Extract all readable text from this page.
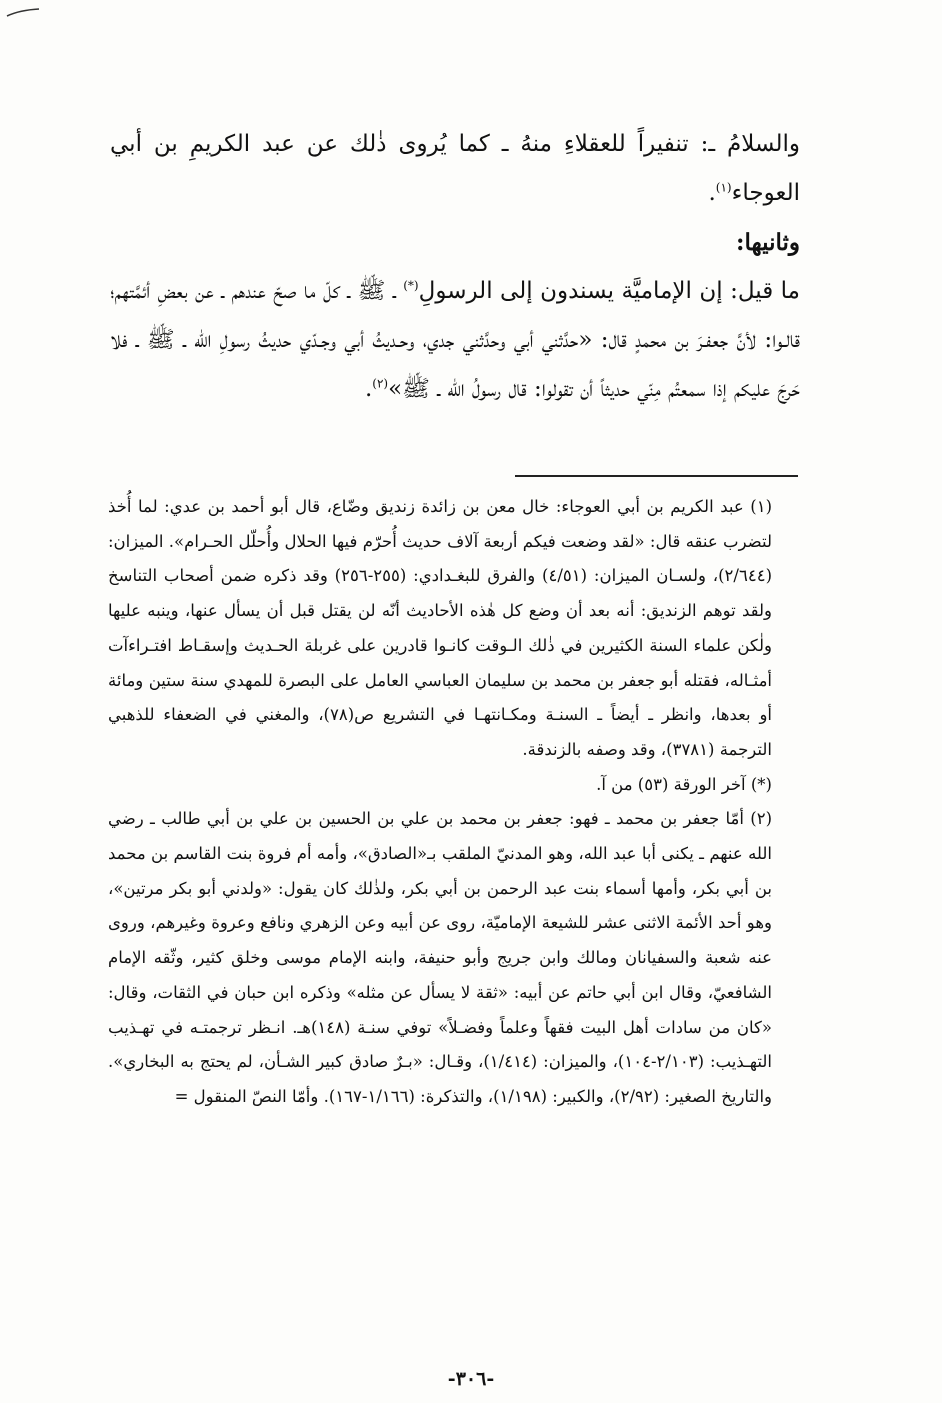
والسلامُ ـ: تنفيراً للعقلاءِ منهُ ـ كما يُروى ذٰلك عن عبد الكريمِ بن أبي العوجاء$^{(١)}$.

وثانيها:

ما قيل: إن الإماميَّة يسندون إلى الرسولِ(*) ـ ﷺ ـ كلّ ما صحّ عندهم ـ عن بعضِ أئمَّتهم؛ قالـوا: لأنَّ جعفـرَ بن محمدٍ قال: «حدَّثني أبي وحدَّثني جدي، وحـديثُ أبي وجـدّي حديثُ رسولِ الله ـ ﷺ ـ فلا حَرجَ عليكم إذا سمعتُم مِنّي حديثاً أن تقولوا: قال رسولُ الله ـ ﷺ»$^{(٢)}$.

(١) عبد الكريم بن أبي العوجاء: خال معن بن زائدة زنديق وضّاع، قال أبو أحمد بن عدي: لما أُخذ لتضرب عنقه قال: «لقد وضعت فيكم أربعة آلاف حديث أُحرّم فيها الحلال وأُحلّل الحـرام». الميزان: (٢/٦٤٤)، ولسـان الميزان: (٤/٥١) والفرق للبغـدادي: (٢٥٥-٢٥٦) وقد ذكره ضمن أصحاب التناسخ ولقد توهم الزنديق: أنه بعد أن وضع كل هٰذه الأحاديث أنّه لن يقتل قبل أن يسأل عنها، وينبه عليها ولٰكن علماء السنة الكثيرين في ذٰلك الـوقت كانـوا قادرين على غربلة الحـديث وإسقـاط افتـراءآت أمثـاله، فقتله أبو جعفر بن محمد بن سليمان العباسي العامل على البصرة للمهدي سنة ستين ومائة أو بعدها، وانظر ـ أيضاً ـ السنـة ومكـانتهـا في التشريع ص(٧٨)، والمغني في الضعفاء للذهبي الترجمة (٣٧٨١)، وقد وصفه بالزندقة.

(*) آخر الورقة (٥٣) من آ.

(٢) أمّا جعفر بن محمد ـ فهو: جعفر بن محمد بن علي بن الحسين بن علي بن أبي طالب ـ رضي الله عنهم ـ يكنى أبا عبد الله، وهو المدنيّ الملقب بـ«الصادق»، وأمه أم فروة بنت القاسم بن محمد بن أبي بكر، وأمها أسماء بنت عبد الرحمن بن أبي بكر، ولذٰلك كان يقول: «ولدني أبو بكر مرتين»، وهو أحد الأئمة الاثنى عشر للشيعة الإماميّة، روى عن أبيه وعن الزهري ونافع وعروة وغيرهم، وروى عنه شعبة والسفيانان ومالك وابن جريج وأبو حنيفة، وابنه الإمام موسى وخلق كثير، وثّقه الإمام الشافعيّ، وقال ابن أبي حاتم عن أبيه: «ثقة لا يسأل عن مثله» وذكره ابن حبان في الثقات، وقال: «كان من سادات أهل البيت فقهاً وعلماً وفضـلاً» توفي سنـة (١٤٨)هـ. انـظر ترجمتـه في تهـذيب التهـذيب: (٢/١٠٣-١٠٤)، والميزان: (١/٤١٤)، وقـال: «بـرٌ صادق كبير الشـأن، لم يحتج به البخاري». والتاريخ الصغير: (٢/٩٢)، والكبير: (١/١٩٨)، والتذكرة: (١/١٦٦-١٦٧). وأمّا النصّ المنقول =

-٣٠٦-
